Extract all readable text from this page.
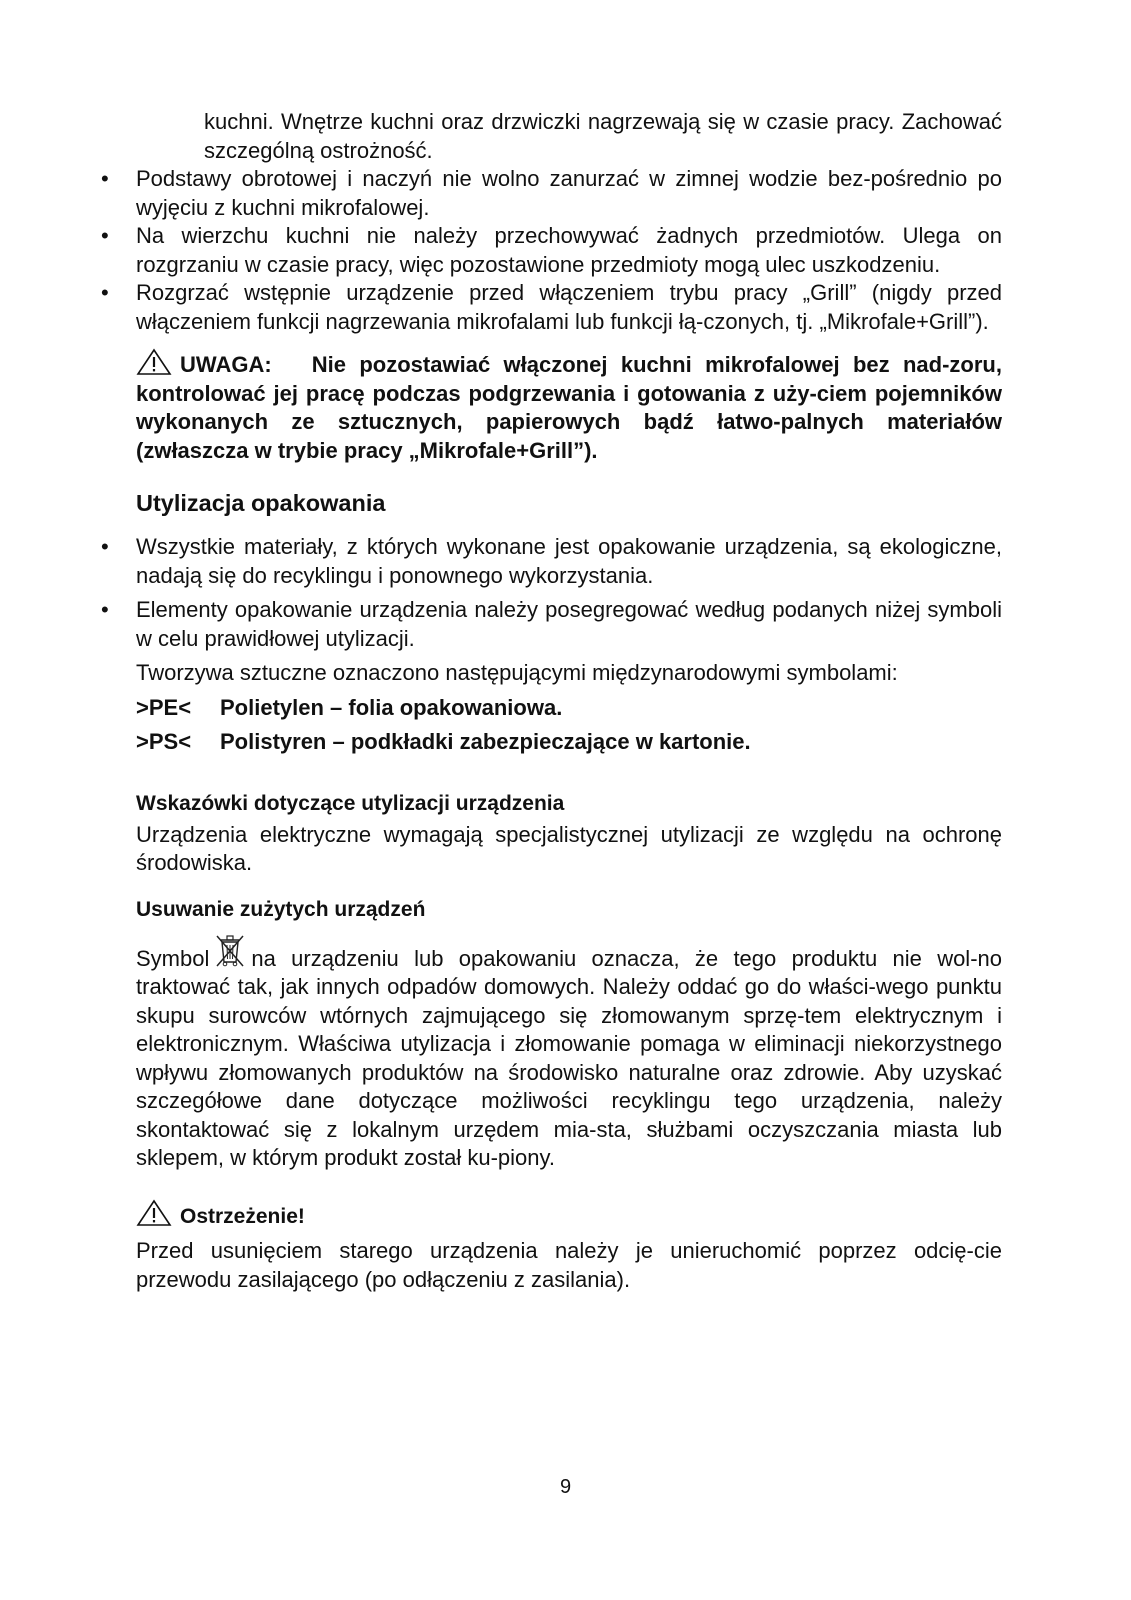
kuchni. Wnętrze kuchni oraz drzwiczki nagrzewają się w czasie pracy. Zachować szczególną ostrożność.

• Podstawy obrotowej i naczyń nie wolno zanurzać w zimnej wodzie bez-pośrednio po wyjęciu z kuchni mikrofalowej.
• Na wierzchu kuchni nie należy przechowywać żadnych przedmiotów. Ulega on rozgrzaniu w czasie pracy, więc pozostawione przedmioty mogą ulec uszkodzeniu.
• Rozgrzać wstępnie urządzenie przed włączeniem trybu pracy „Grill” (nigdy przed włączeniem funkcji nagrzewania mikrofalami lub funkcji łą-czonych, tj. „Mikrofale+Grill”).
UWAGA: Nie pozostawiać włączonej kuchni mikrofalowej bez nad-zoru, kontrolować jej pracę podczas podgrzewania i gotowania z uży-ciem pojemników wykonanych ze sztucznych, papierowych bądź łatwo-palnych materiałów (zwłaszcza w trybie pracy „Mikrofale+Grill”).
Utylizacja opakowania
• Wszystkie materiały, z których wykonane jest opakowanie urządzenia, są ekologiczne, nadają się do recyklingu i ponownego wykorzystania.
• Elementy opakowanie urządzenia należy posegregować według podanych niżej symboli w celu prawidłowej utylizacji.

Tworzywa sztuczne oznaczono następującymi międzynarodowymi symbolami:

>PE<	Polietylen – folia opakowaniowa.
>PS<	Polistyren – podkładki zabezpieczające w kartonie.
Wskazówki dotyczące utylizacji urządzenia

Urządzenia elektryczne wymagają specjalistycznej utylizacji ze względu na ochronę środowiska.

Usuwanie zużytych urządzeń

Symbol na urządzeniu lub opakowaniu oznacza, że tego produktu nie wol-no traktować tak, jak innych odpadów domowych. Należy oddać go do właści-wego punktu skupu surowców wtórnych zajmującego się złomowanym sprzę-tem elektrycznym i elektronicznym. Właściwa utylizacja i złomowanie pomaga w eliminacji niekorzystnego wpływu złomowanych produktów na środowisko naturalne oraz zdrowie. Aby uzyskać szczegółowe dane dotyczące możliwości recyklingu tego urządzenia, należy skontaktować się z lokalnym urzędem mia-sta, służbami oczyszczania miasta lub sklepem, w którym produkt został ku-piony.

Ostrzeżenie!

Przed usunięciem starego urządzenia należy je unieruchomić poprzez odcię-cie przewodu zasilającego (po odłączeniu z zasilania).

9
